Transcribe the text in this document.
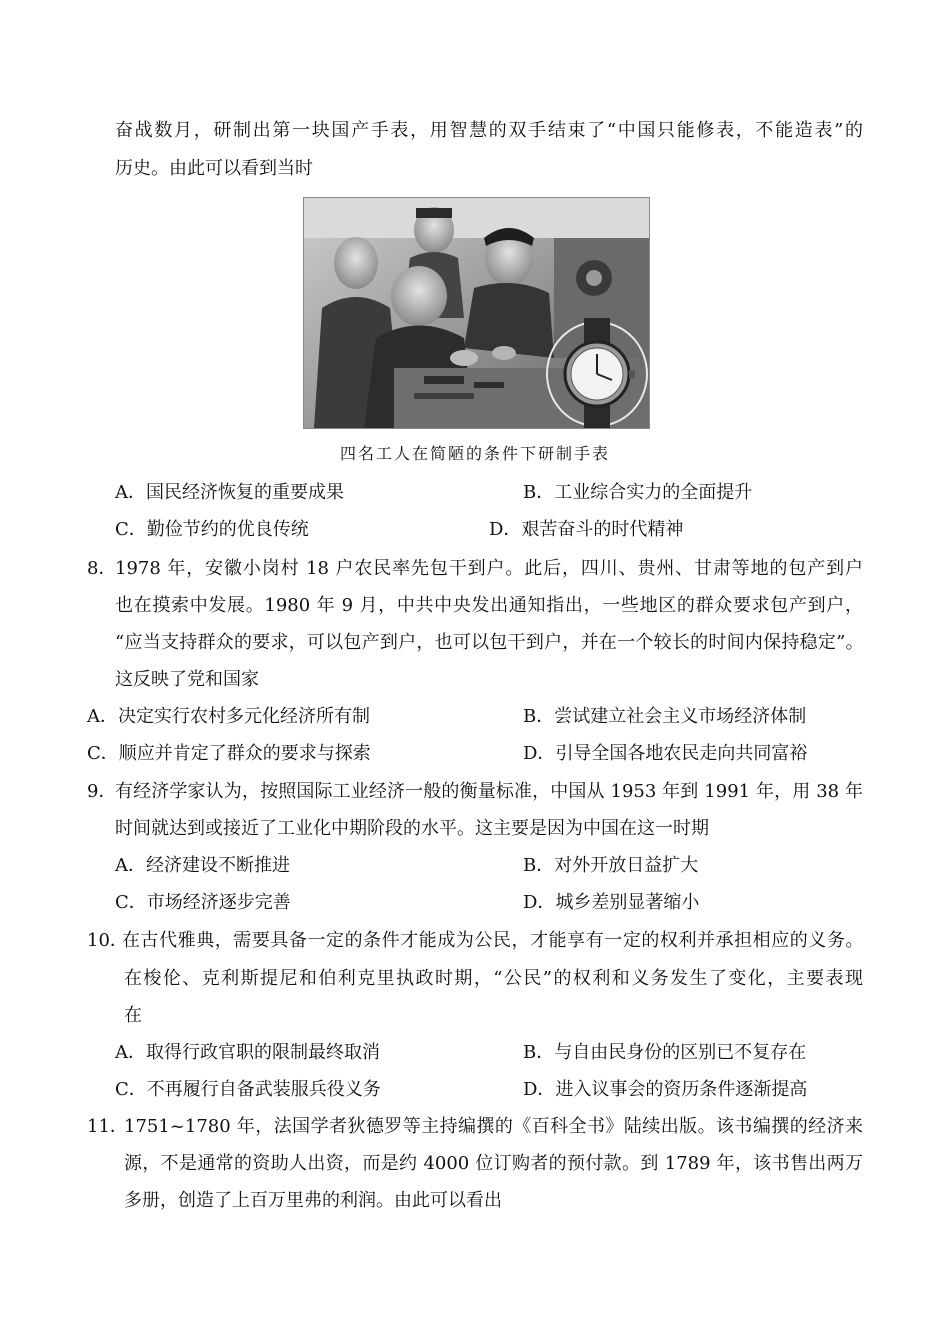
奋战数月，研制出第一块国产手表，用智慧的双手结束了“中国只能修表，不能造表”的
历史。由此可以看到当时
四名工人在简陋的条件下研制手表
A．国民经济恢复的重要成果	B．工业综合实力的全面提升
C．勤俭节约的优良传统	D．艰苦奋斗的时代精神
8．
1978 年，安徽小岗村 18 户农民率先包干到户。此后，四川、贵州、甘肃等地的包产到户
也在摸索中发展。1980 年 9 月，中共中央发出通知指出，一些地区的群众要求包产到户，
“应当支持群众的要求，可以包产到户，也可以包干到户，并在一个较长的时间内保持稳定”。
这反映了党和国家
A．决定实行农村多元化经济所有制	B．尝试建立社会主义市场经济体制
C．顺应并肯定了群众的要求与探索	D．引导全国各地农民走向共同富裕
9．
有经济学家认为，按照国际工业经济一般的衡量标准，中国从 1953 年到 1991 年，用 38 年
时间就达到或接近了工业化中期阶段的水平。这主要是因为中国在这一时期
A．经济建设不断推进	B．对外开放日益扩大
C．市场经济逐步完善	D．城乡差别显著缩小
10．
在古代雅典，需要具备一定的条件才能成为公民，才能享有一定的权利并承担相应的义务。
在梭伦、克利斯提尼和伯利克里执政时期，“公民”的权利和义务发生了变化，主要表现
在
A．取得行政官职的限制最终取消	B．与自由民身份的区别已不复存在
C．不再履行自备武装服兵役义务	D．进入议事会的资历条件逐渐提高
11．
1751~1780 年，法国学者狄德罗等主持编撰的《百科全书》陆续出版。该书编撰的经济来
源，不是通常的资助人出资，而是约 4000 位订购者的预付款。到 1789 年，该书售出两万
多册，创造了上百万里弗的利润。由此可以看出
